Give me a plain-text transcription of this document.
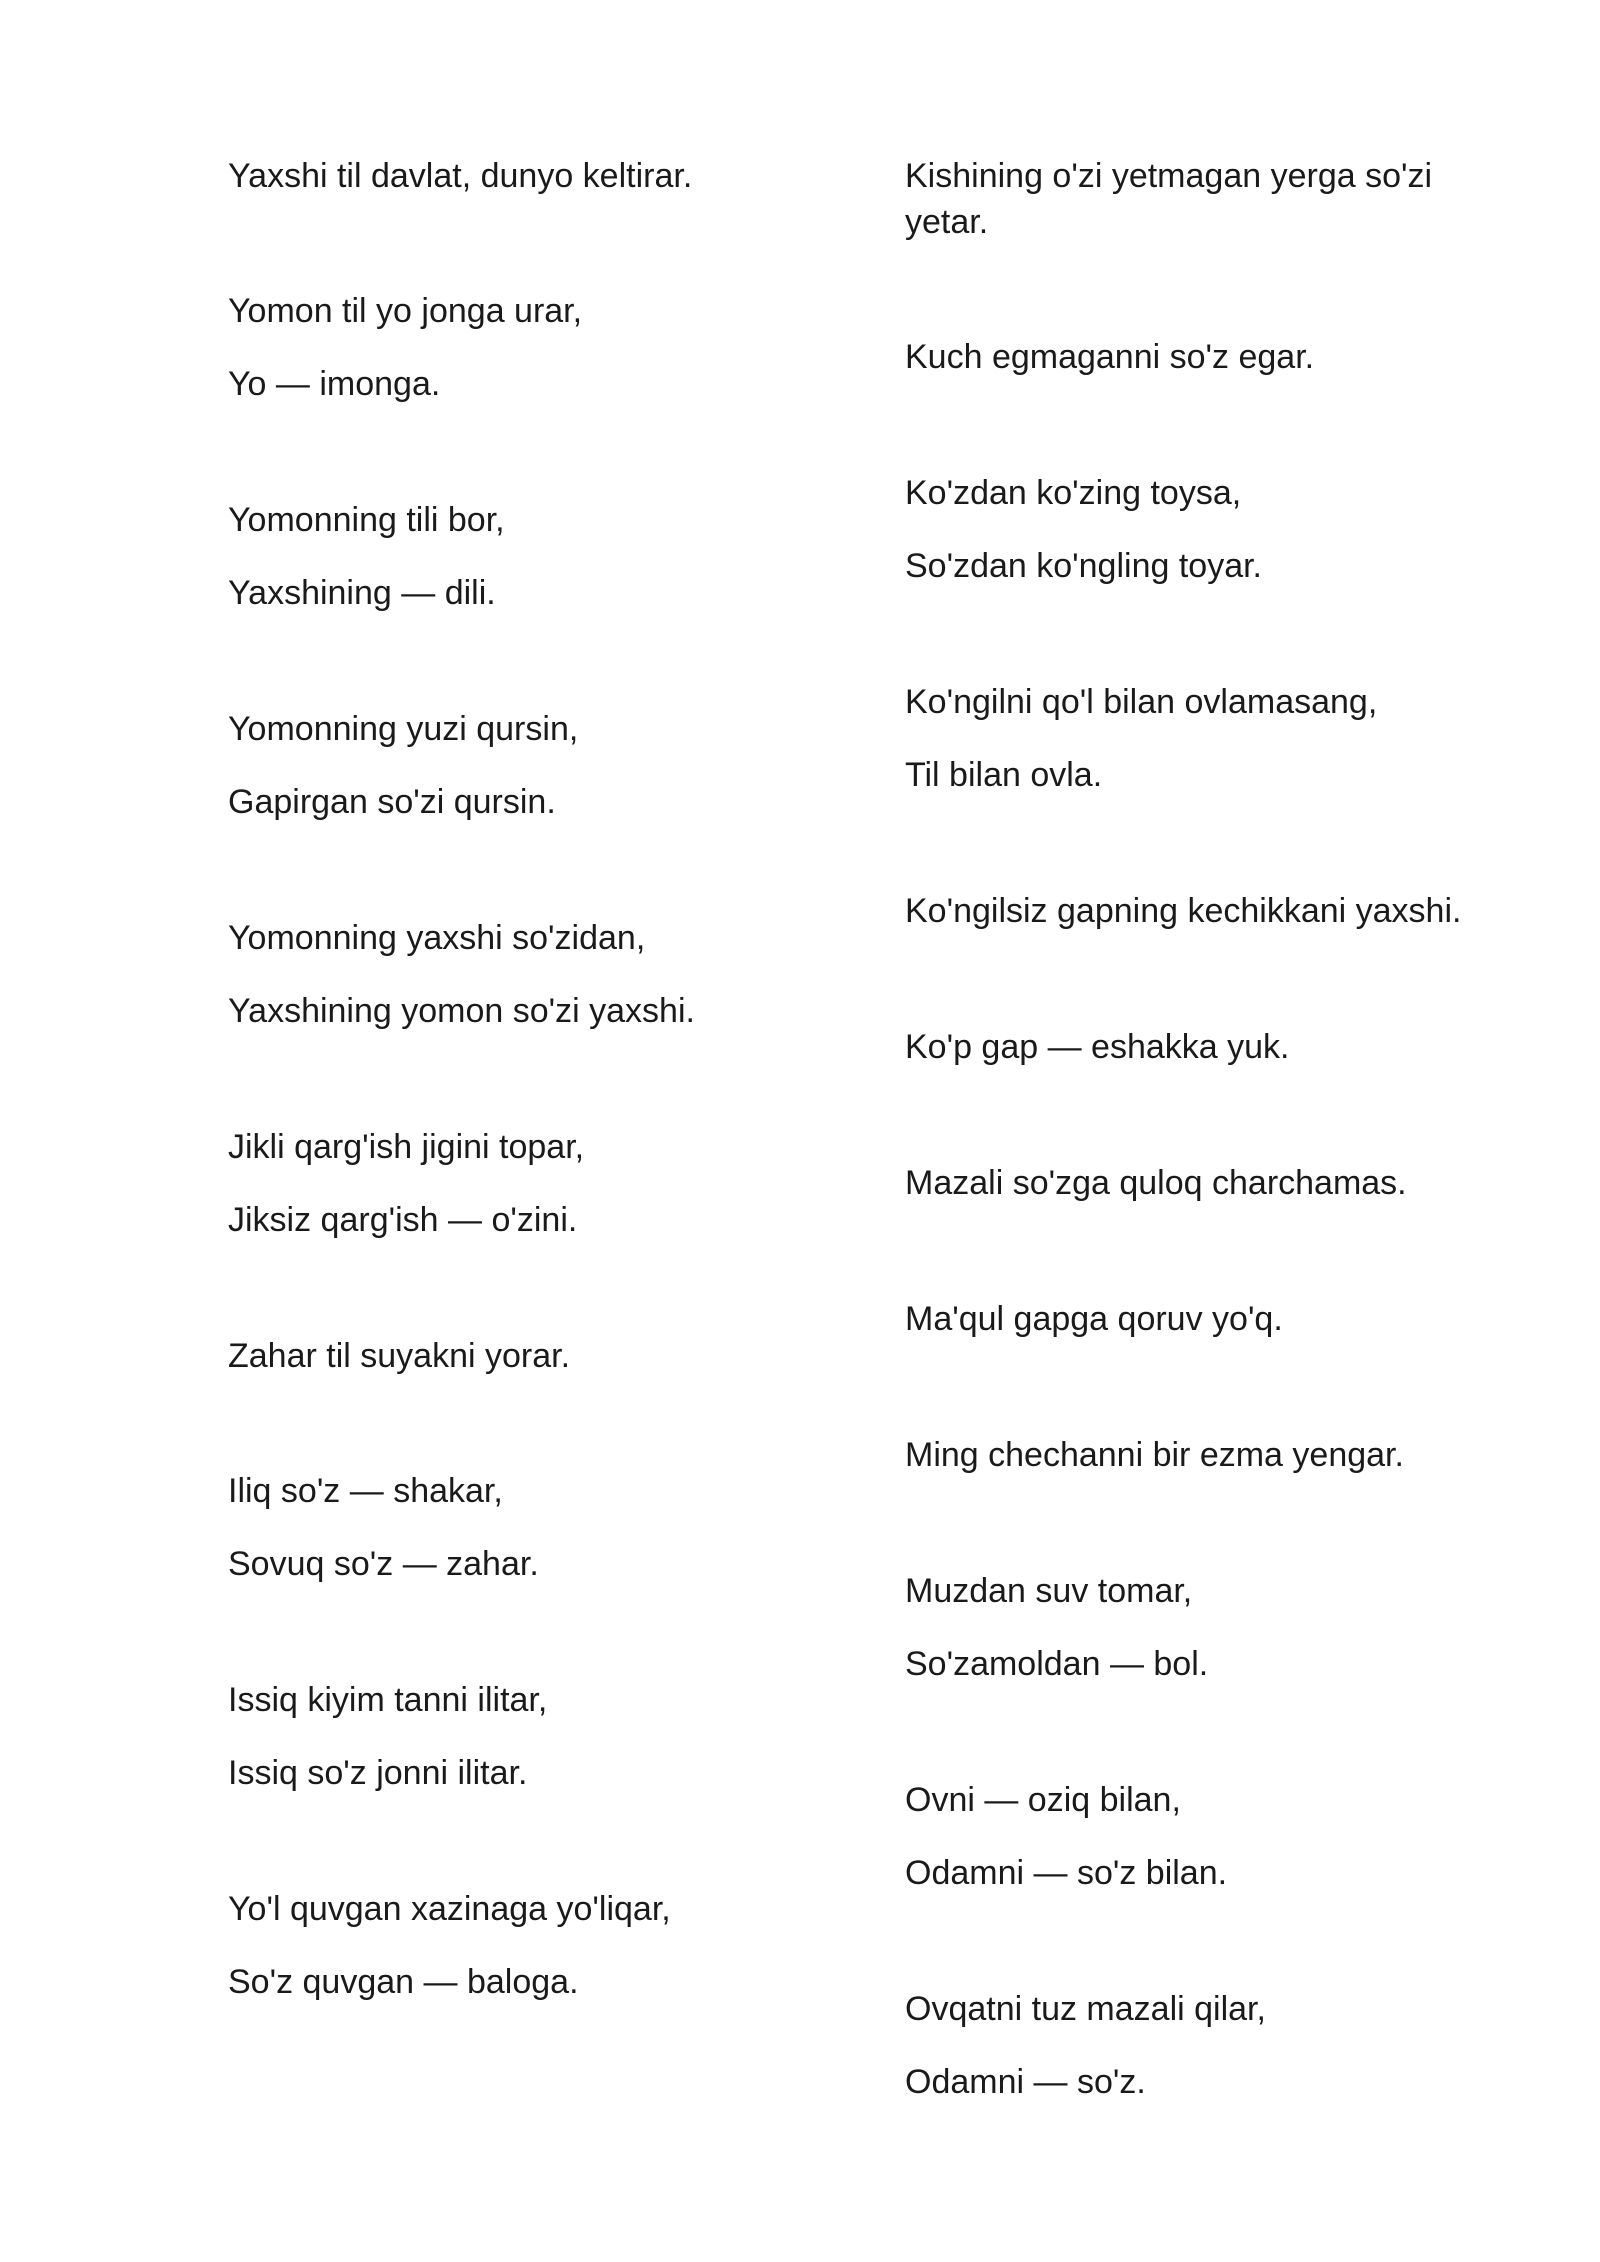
Yaxshi til davlat, dunyo keltirar.

Yomon til yo jonga urar,

Yo — imonga.

Yomonning tili bor,

Yaxshining — dili.

Yomonning yuzi qursin,

Gapirgan so'zi qursin.

Yomonning yaxshi so'zidan,

Yaxshining yomon so'zi yaxshi.

Jikli qarg'ish jigini topar,

Jiksiz qarg'ish — o'zini.

Zahar til suyakni yorar.

Iliq so'z — shakar,

Sovuq so'z — zahar.

Issiq kiyim tanni ilitar,

Issiq so'z jonni ilitar.

Yo'l quvgan xazinaga yo'liqar,

So'z quvgan — baloga.

Kishining o'zi yetmagan yerga so'zi yetar.

Kuch egmaganni so'z egar.

Ko'zdan ko'zing toysa,

So'zdan ko'ngling toyar.

Ko'ngilni qo'l bilan ovlamasang,

Til bilan ovla.

Ko'ngilsiz gapning kechikkani yaxshi.

Ko'p gap — eshakka yuk.

Mazali so'zga quloq charchamas.

Ma'qul gapga qoruv yo'q.

Ming chechanni bir ezma yengar.

Muzdan suv tomar,

So'zamoldan — bol.

Ovni — oziq bilan,

Odamni — so'z bilan.

Ovqatni tuz mazali qilar,

Odamni — so'z.
